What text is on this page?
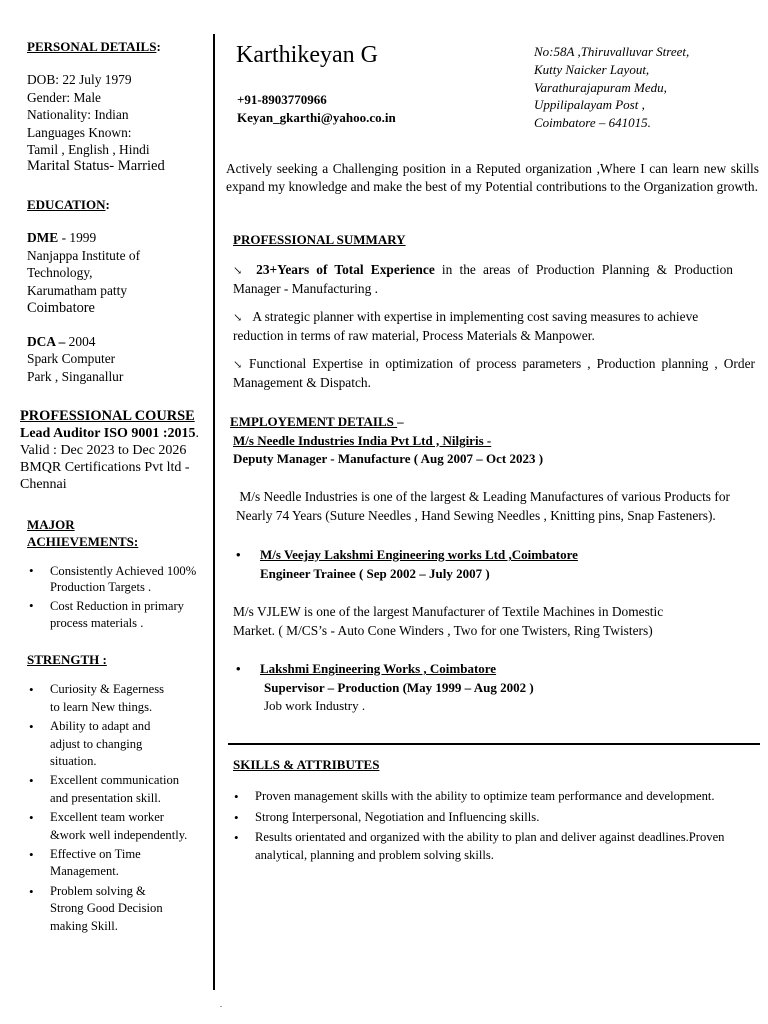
PERSONAL DETAILS:
DOB: 22 July 1979
Gender: Male
Nationality: Indian
Languages Known:
Tamil , English , Hindi
Marital Status- Married
EDUCATION:
DME - 1999
Nanjappa Institute of
Technology,
Karumatham patty
Coimbatore
DCA – 2004
Spark Computer
Park , Singanallur
PROFESSIONAL COURSE
Lead Auditor ISO 9001 :2015.
Valid : Dec 2023 to Dec 2026
BMQR Certifications Pvt ltd -
Chennai
MAJOR
ACHIEVEMENTS:
• Consistently Achieved 100%
Production Targets .
• Cost Reduction in primary
process materials .
STRENGTH :
• Curiosity & Eagerness
to learn New things.
• Ability to adapt and
adjust to changing
situation.
• Excellent communication
and presentation skill.
• Excellent team worker
&work well independently.
• Effective on Time
Management.
• Problem solving &
Strong Good Decision
making Skill.
Karthikeyan G
+91-8903770966
Keyan_gkarthi@yahoo.co.in
No:58A ,Thiruvalluvar Street,
Kutty Naicker Layout,
Varathurajapuram Medu,
Uppilipalayam Post ,
Coimbatore – 641015.
Actively seeking a Challenging position in a Reputed organization ,Where I can learn new skills expand my knowledge and make the best of my Potential contributions to the Organization growth.
PROFESSIONAL SUMMARY
↘ 23+Years of Total Experience in the areas of Production Planning & Production Manager - Manufacturing .
↘ A strategic planner with expertise in implementing cost saving measures to achieve reduction in terms of raw material, Process Materials & Manpower.
↘ Functional Expertise in optimization of process parameters , Production planning , Order Management & Dispatch.
EMPLOYEMENT DETAILS –
M/s Needle Industries India Pvt Ltd , Nilgiris -
Deputy Manager - Manufacture ( Aug 2007 – Oct 2023 )
M/s Needle Industries is one of the largest & Leading Manufactures of various Products for Nearly 74 Years (Suture Needles , Hand Sewing Needles , Knitting pins, Snap Fasteners).
• M/s Veejay Lakshmi Engineering works Ltd ,Coimbatore
Engineer Trainee ( Sep 2002 – July 2007 )
M/s VJLEW is one of the largest Manufacturer of Textile Machines in Domestic Market. ( M/CS’s - Auto Cone Winders , Two for one Twisters, Ring Twisters)
• Lakshmi Engineering Works , Coimbatore
Supervisor – Production (May 1999 – Aug 2002 )
Job work Industry .
SKILLS & ATTRIBUTES
• Proven management skills with the ability to optimize team performance and development.
• Strong Interpersonal, Negotiation and Influencing skills.
• Results orientated and organized with the ability to plan and deliver against deadlines.Proven analytical, planning and problem solving skills.
.
